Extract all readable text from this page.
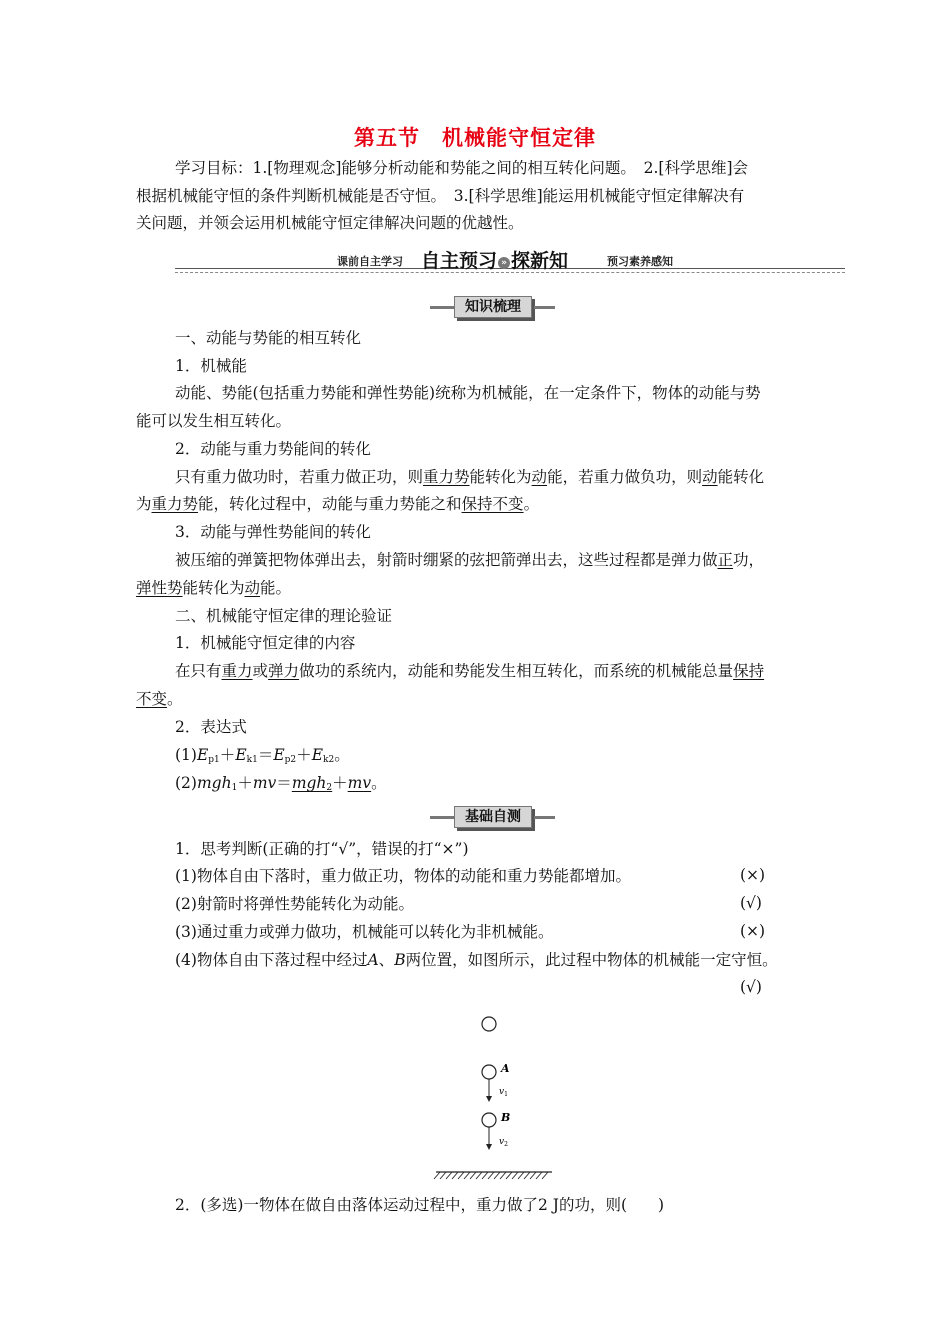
第五节　机械能守恒定律
学习目标：1.[物理观念]能够分析动能和势能之间的相互转化问题。　2.[科学思维]会
根据机械能守恒的条件判断机械能是否守恒。　3.[科学思维]能运用机械能守恒定律解决有
关问题，并领会运用机械能守恒定律解决问题的优越性。
课前自主学习 自主预习 » 探新知	预习素养感知
知识梳理
一、动能与势能的相互转化
1．机械能
动能、势能(包括重力势能和弹性势能)统称为机械能，在一定条件下，物体的动能与势
能可以发生相互转化。
2．动能与重力势能间的转化
只有重力做功时，若重力做正功，则重力势能转化为动能，若重力做负功，则动能转化
为重力势能，转化过程中，动能与重力势能之和保持不变。
3．动能与弹性势能间的转化
被压缩的弹簧把物体弹出去，射箭时绷紧的弦把箭弹出去，这些过程都是弹力做正功，
弹性势能转化为动能。
二、机械能守恒定律的理论验证
1．机械能守恒定律的内容
在只有重力或弹力做功的系统内，动能和势能发生相互转化，而系统的机械能总量保持
不变。
2．表达式
$(1)E_{p1}+E_{k1}=E_{p2}+E_{k2}$。
(2)mgh$_1$＋mv＝mgh$_2$＋mv。
基础自测
1．思考判断(正确的打“√”，错误的打“×”)
(1)物体自由下落时，重力做正功，物体的动能和重力势能都增加。	(×)
(2)射箭时将弹性势能转化为动能。	(√)
(3)通过重力或弹力做功，机械能可以转化为非机械能。	(×)
(4)物体自由下落过程中经过A、B两位置，如图所示，此过程中物体的机械能一定守恒。
(√)
A
$v_1$
B
$v_2$
2．(多选)一物体在做自由落体运动过程中，重力做了2 J的功，则(　　)
